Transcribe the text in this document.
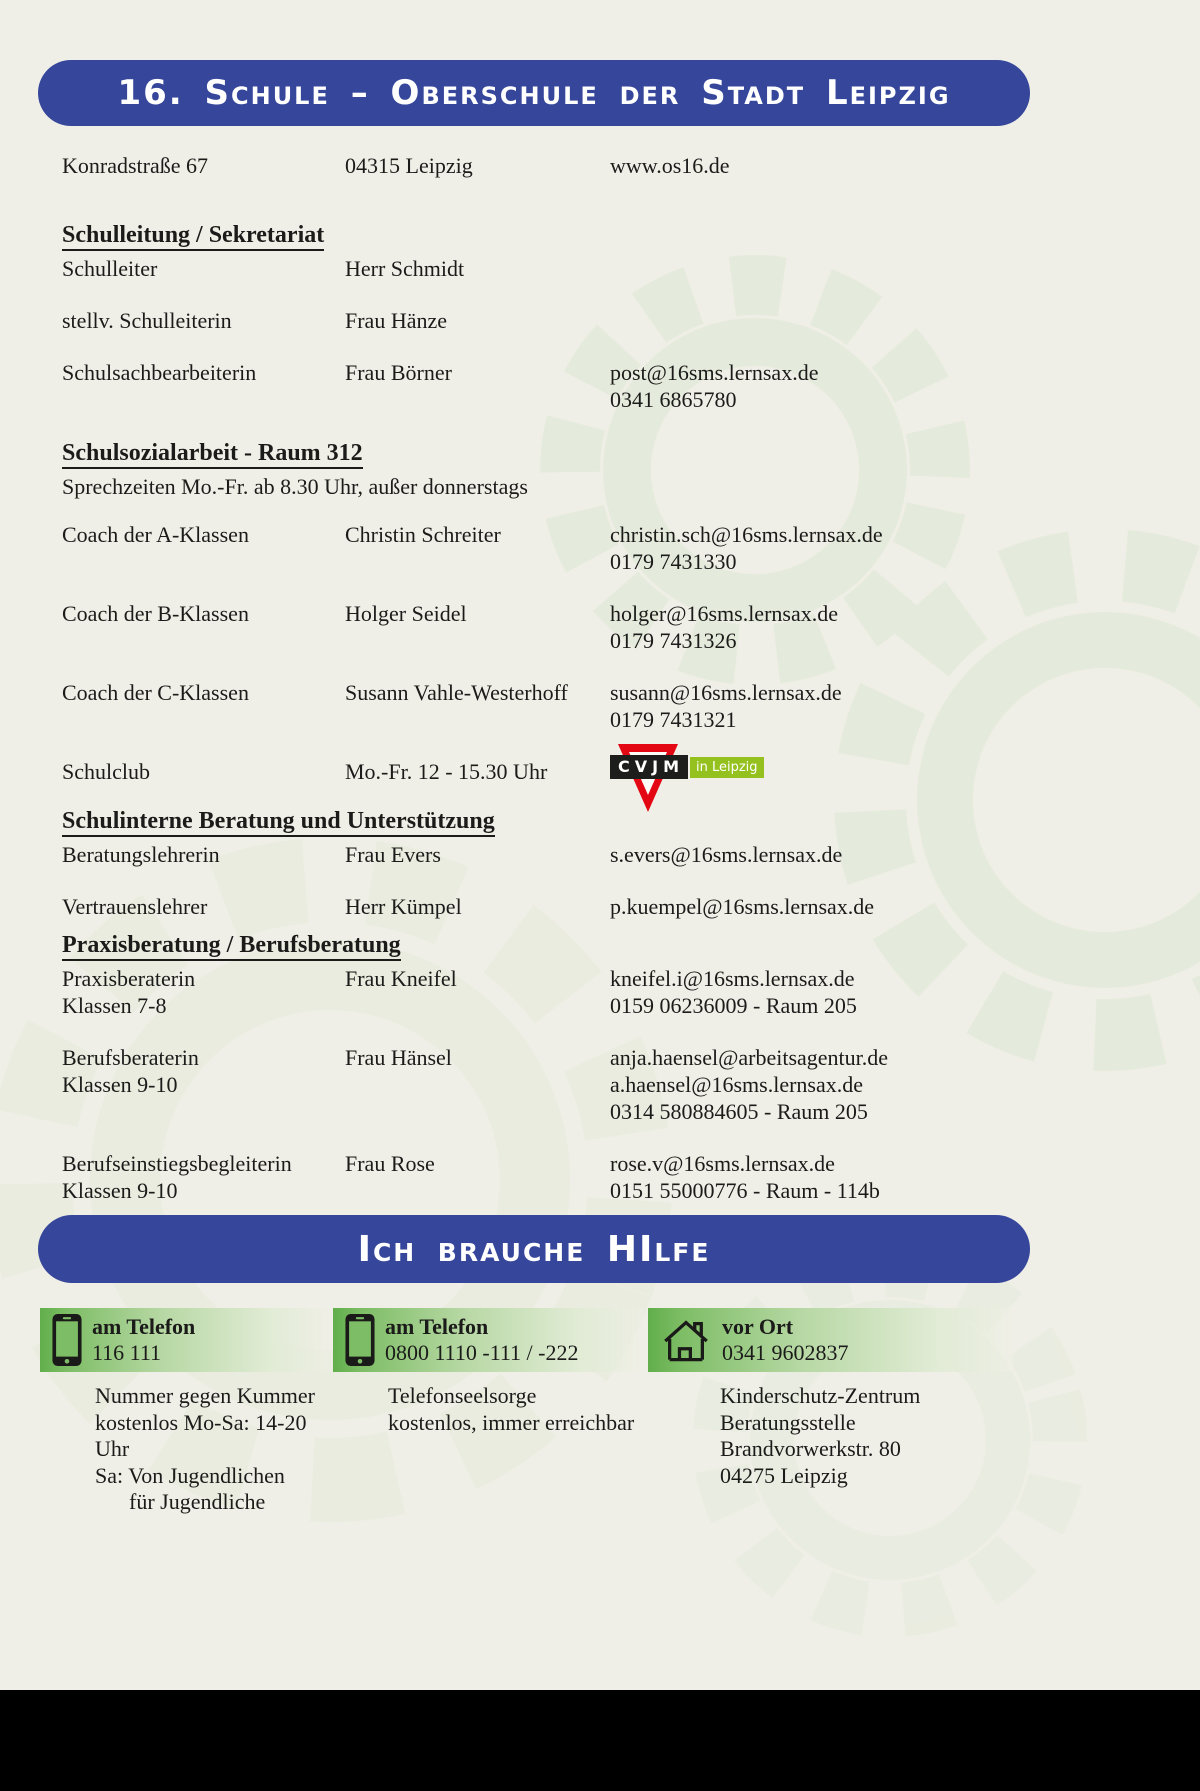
16. Schule – Oberschule der Stadt Leipzig
Konradstraße 67	04315 Leipzig	www.os16.de
Schulleitung / Sekretariat
Schulleiter	Herr Schmidt
stellv. Schulleiterin	Frau Hänze
Schulsachbearbeiterin	Frau Börner	post@16sms.lernsax.de
0341 6865780
Schulsozialarbeit - Raum 312
Sprechzeiten Mo.-Fr. ab 8.30 Uhr, außer donnerstags
Coach der A-Klassen	Christin Schreiter	christin.sch@16sms.lernsax.de
0179 7431330
Coach der B-Klassen	Holger Seidel	holger@16sms.lernsax.de
0179 7431326
Coach der C-Klassen	Susann Vahle-Westerhoff	susann@16sms.lernsax.de
0179 7431321
Schulclub	Mo.-Fr. 12 - 15.30 Uhr	CVJM in Leipzig
Schulinterne Beratung und Unterstützung
Beratungslehrerin	Frau Evers	s.evers@16sms.lernsax.de
Vertrauenslehrer	Herr Kümpel	p.kuempel@16sms.lernsax.de
Praxisberatung / Berufsberatung
Praxisberaterin
Klassen 7-8
Frau Kneifel	kneifel.i@16sms.lernsax.de
0159 06236009 - Raum 205
Berufsberaterin
Klassen 9-10
Frau Hänsel	anja.haensel@arbeitsagentur.de
a.haensel@16sms.lernsax.de
0314 580884605 - Raum 205
Berufseinstiegsbegleiterin
Klassen 9-10
Frau Rose	rose.v@16sms.lernsax.de
0151 55000776 - Raum - 114b
Ich brauche HIlfe
am Telefon
116 111
Nummer gegen Kummer
kostenlos Mo-Sa: 14-20 Uhr
Sa: Von Jugendlichen
für Jugendliche
am Telefon
0800 1110 -111 / -222
Telefonseelsorge
kostenlos, immer erreichbar
vor Ort
0341 9602837
Kinderschutz-Zentrum
Beratungsstelle
Brandvorwerkstr. 80
04275 Leipzig
